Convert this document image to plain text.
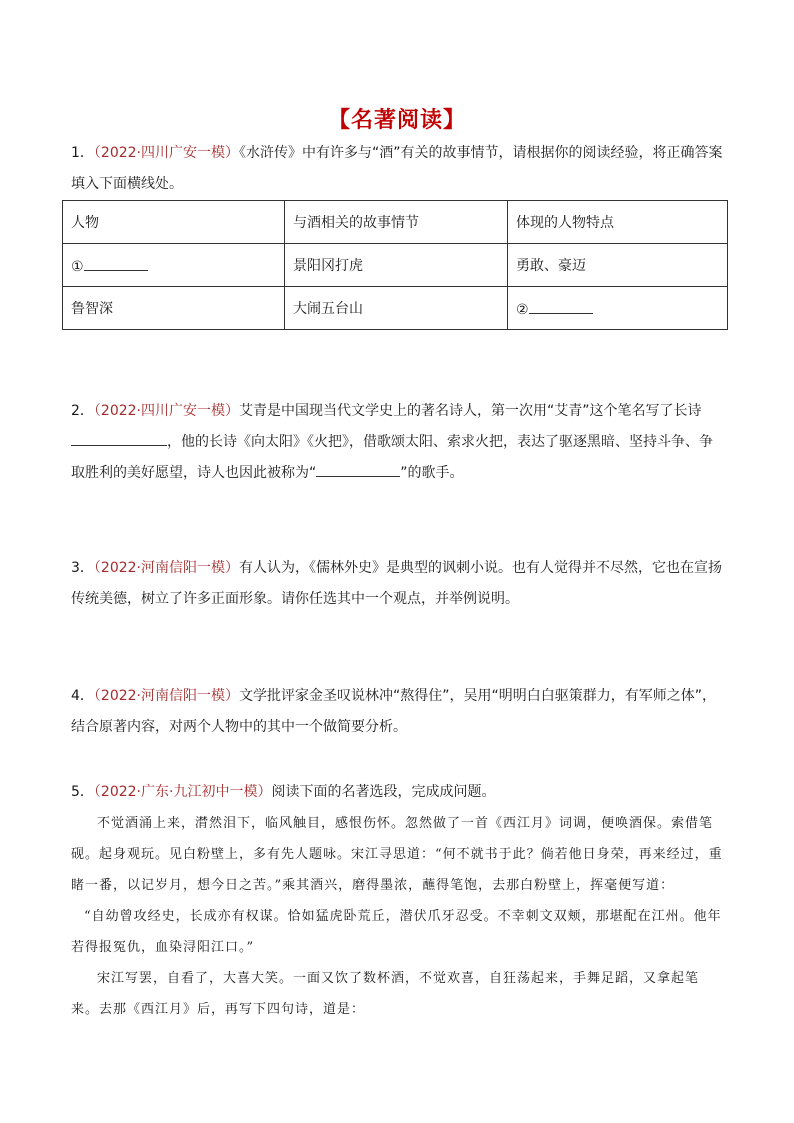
【名著阅读】
1．（2022·四川广安一模）《水浒传》中有许多与“酒”有关的故事情节，请根据你的阅读经验，将正确答案填入下面横线处。
人物	与酒相关的故事情节	体现的人物特点
①	景阳冈打虎	勇敢、豪迈
鲁智深	大闹五台山	②
2．（2022·四川广安一模）艾青是中国现当代文学史上的著名诗人，第一次用“艾青”这个笔名写了长诗，他的长诗《向太阳》《火把》，借歌颂太阳、索求火把，表达了驱逐黑暗、坚持斗争、争取胜利的美好愿望，诗人也因此被称为“	”的歌手。
3．（2022·河南信阳一模）有人认为，《儒林外史》是典型的讽刺小说。也有人觉得并不尽然，它也在宣扬传统美德，树立了许多正面形象。请你任选其中一个观点，并举例说明。
4．（2022·河南信阳一模）文学批评家金圣叹说林冲“熬得住”，吴用“明明白白驱策群力，有军师之体”，结合原著内容，对两个人物中的其中一个做简要分析。
5．（2022·广东·九江初中一模）阅读下面的名著选段，完成成问题。

不觉酒涌上来，潸然泪下，临风触目，感恨伤怀。忽然做了一首《西江月》词调，便唤酒保。索借笔砚。起身观玩。见白粉壁上，多有先人题咏。宋江寻思道：“何不就书于此？倘若他日身荣，再来经过，重睹一番，以记岁月，想今日之苦。”乘其酒兴，磨得墨浓，蘸得笔饱，去那白粉壁上，挥毫便写道：

“自幼曾攻经史，长成亦有权谋。恰如猛虎卧荒丘，潜伏爪牙忍受。不幸刺文双颊，那堪配在江州。他年若得报冤仇，血染浔阳江口。”

宋江写罢，自看了，大喜大笑。一面又饮了数杯酒，不觉欢喜，自狂荡起来，手舞足蹈，又拿起笔来。去那《西江月》后，再写下四句诗，道是：
